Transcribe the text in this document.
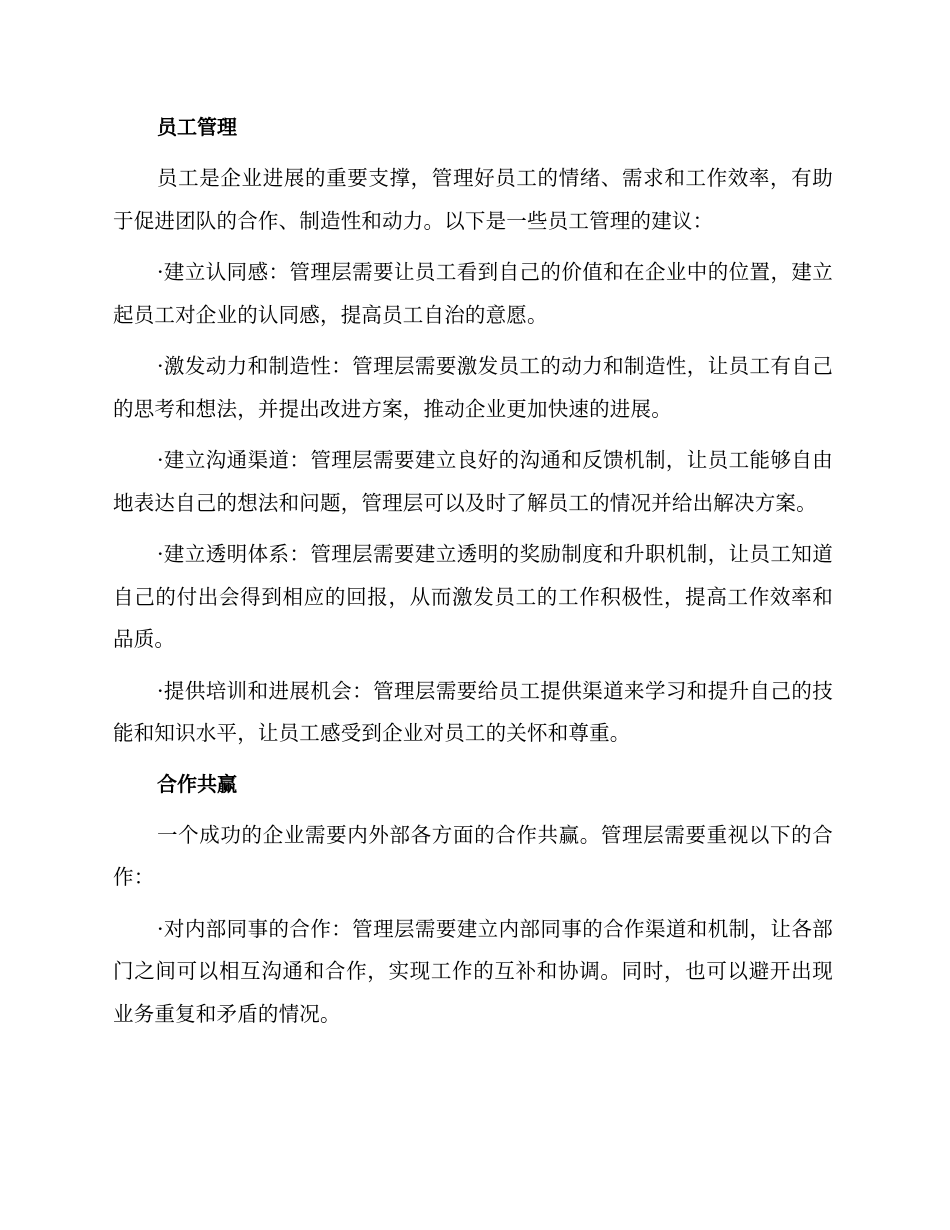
员工管理

员工是企业进展的重要支撑，管理好员工的情绪、需求和工作效率，有助于促进团队的合作、制造性和动力。以下是一些员工管理的建议：

·建立认同感：管理层需要让员工看到自己的价值和在企业中的位置，建立起员工对企业的认同感，提高员工自治的意愿。

·激发动力和制造性：管理层需要激发员工的动力和制造性，让员工有自己的思考和想法，并提出改进方案，推动企业更加快速的进展。

·建立沟通渠道：管理层需要建立良好的沟通和反馈机制，让员工能够自由地表达自己的想法和问题，管理层可以及时了解员工的情况并给出解决方案。

·建立透明体系：管理层需要建立透明的奖励制度和升职机制，让员工知道自己的付出会得到相应的回报，从而激发员工的工作积极性，提高工作效率和品质。

·提供培训和进展机会：管理层需要给员工提供渠道来学习和提升自己的技能和知识水平，让员工感受到企业对员工的关怀和尊重。

合作共赢

一个成功的企业需要内外部各方面的合作共赢。管理层需要重视以下的合作：

·对内部同事的合作：管理层需要建立内部同事的合作渠道和机制，让各部门之间可以相互沟通和合作，实现工作的互补和协调。同时，也可以避开出现业务重复和矛盾的情况。
